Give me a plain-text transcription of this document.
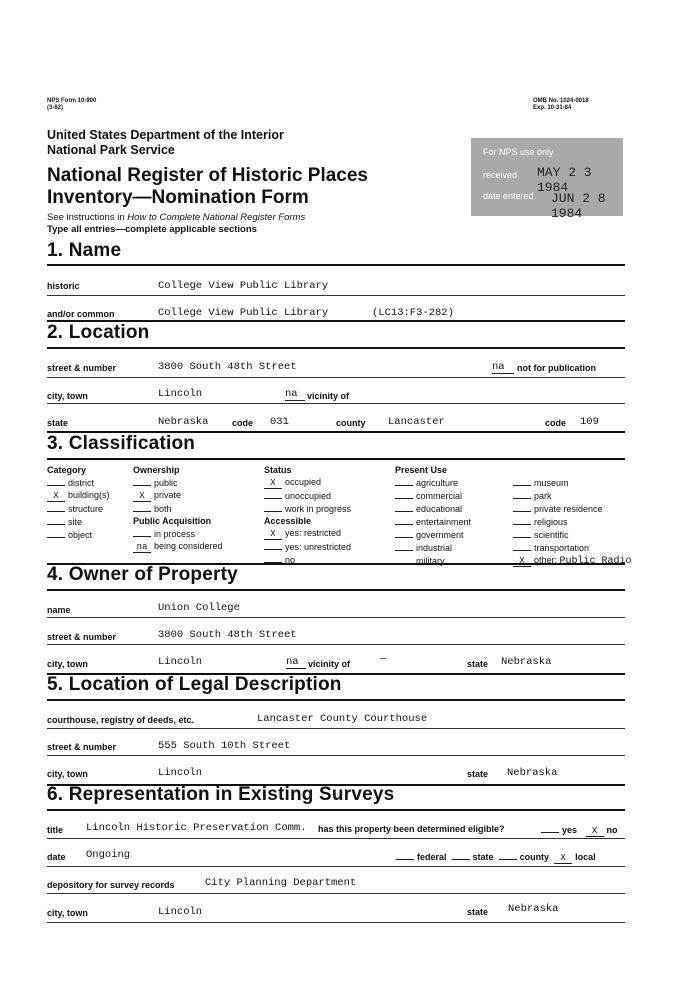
NPS Form 10-900
(3-82)
OMB No. 1024-0018
Exp. 10-31-84
United States Department of the Interior
National Park Service
National Register of Historic Places
Inventory—Nomination Form
See instructions in How to Complete National Register Forms
Type all entries—complete applicable sections
For NPS use only
received MAY 2 3 1984
date entered JUN 2 8 1984
1. Name
historic	College View Public Library
and/or common	College View Public Library	(LC13:F3-282)
2. Location
street & number	3800 South 48th Street	na	not for publication
city, town	Lincoln	na	vicinity of
state	Nebraska	code 031	county Lancaster	code 109
3. Classification
Category
district
X building(s)
structure
site
object
Ownership
public
X private
both
Public Acquisition
in process
na being considered
Status
X occupied
unoccupied
work in progress
Accessible
X yes: restricted
yes: unrestricted
no
Present Use
agriculture
commercial
educational
entertainment
government
industrial
military
museum
park
private residence
religious
scientific
transportation
X other: Public Radio
4. Owner of Property
name	Union College
street & number	3800 South 48th Street
city, town	Lincoln	na	vicinity of	—	state Nebraska
5. Location of Legal Description
courthouse, registry of deeds, etc.	Lancaster County Courthouse
street & number	555 South 10th Street
city, town	Lincoln	state Nebraska
6. Representation in Existing Surveys
title Lincoln Historic Preservation Comm. has this property been determined eligible?	yes X no
date Ongoing	federal	state	county X local
depository for survey records	City Planning Department
city, town	Lincoln	state Nebraska
